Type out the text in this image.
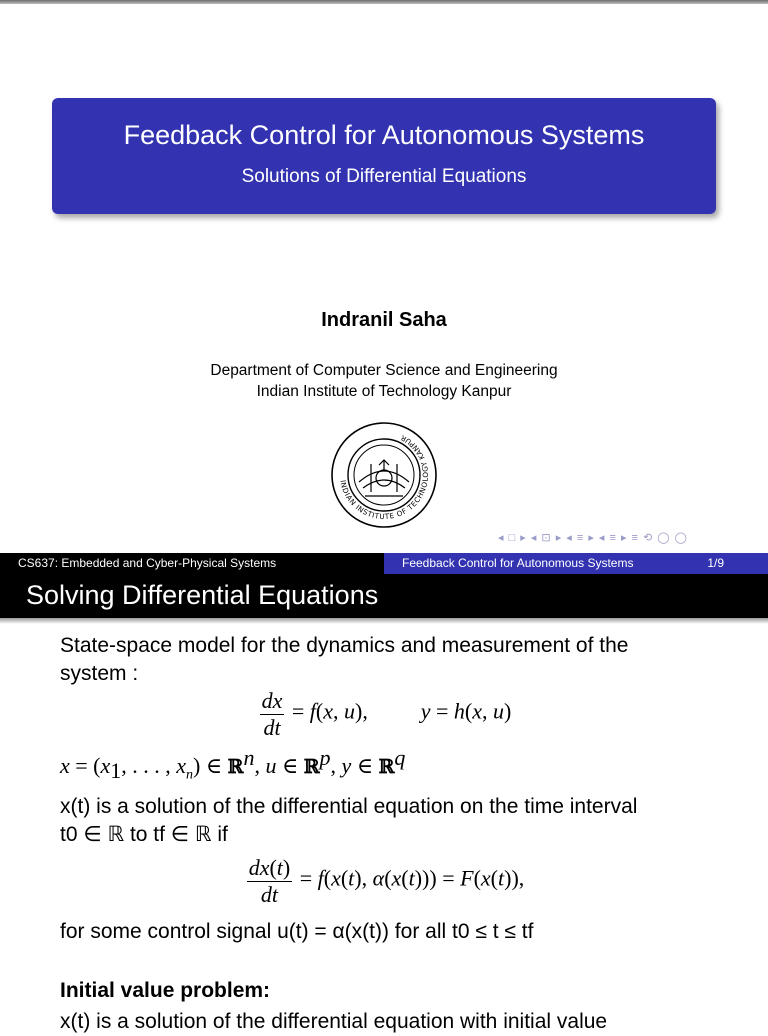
Feedback Control for Autonomous Systems
Solutions of Differential Equations
Indranil Saha
Department of Computer Science and Engineering
Indian Institute of Technology Kanpur
INDIAN INSTITUTE OF TECHNOLOGY KANPUR
◂ □ ▸ ◂ ⊡ ▸ ◂ ≡ ▸ ◂ ≡ ▸ ≡ ⟲ ◯ ◯
CS637: Embedded and Cyber-Physical Systems	Feedback Control for Autonomous Systems	1/9
Solving Differential Equations
State-space model for the dynamics and measurement of the
system :
$\frac{dx}{dt} = f(x$, u), y = h(x, u)
$x = (x_1$, . . . , $x_n$) ∈ ℝ$^n$, u ∈ ℝ$^p$, y ∈ ℝ$^q$
x(t) is a solution of the differential equation on the time interval
t0 ∈ ℝ to tf ∈ ℝ if
$\frac{dx(t)}{dt} = f(x(t)$, α(x(t))) = F(x(t)),
for some control signal u(t) = α(x(t)) for all t0 ≤ t ≤ tf
Initial value problem:
x(t) is a solution of the differential equation with initial value
